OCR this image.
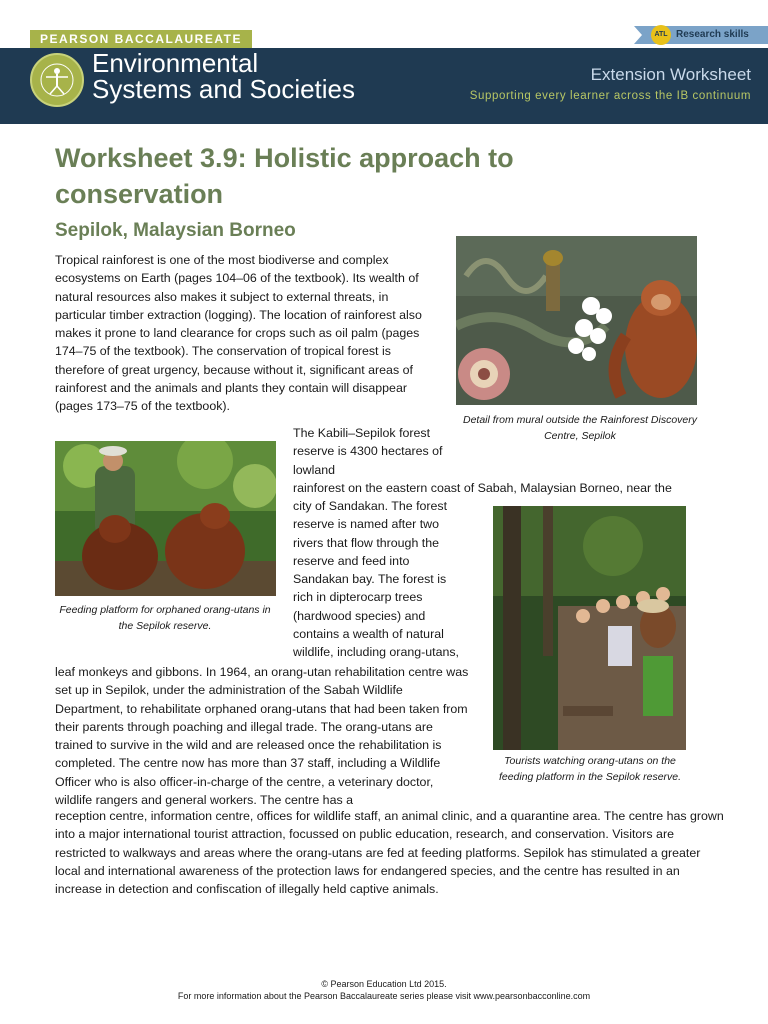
PEARSON BACCALAUREATE
Environmental
Systems and Societies
ATL Research skills
Extension Worksheet
Supporting every learner across the IB continuum
Worksheet 3.9: Holistic approach to conservation
Sepilok, Malaysian Borneo

Tropical rainforest is one of the most biodiverse and complex ecosystems on Earth (pages 104–06 of the textbook). Its wealth of natural resources also makes it subject to external threats, in particular timber extraction (logging). The location of rainforest also makes it prone to land clearance for crops such as oil palm (pages 174–75 of the textbook). The conservation of tropical forest is therefore of great urgency, because without it, significant areas of rainforest and the animals and plants they contain will disappear (pages 173–75 of the textbook).

Detail from mural outside the Rainforest Discovery Centre, Sepilok

Feeding platform for orphaned orang-utans in the Sepilok reserve.

Tourists watching orang-utans on the feeding platform in the Sepilok reserve.

The Kabili–Sepilok forest reserve is 4300 hectares of lowland

rainforest on the eastern coast of Sabah, Malaysian Borneo, near the

city of Sandakan. The forest reserve is named after two rivers that flow through the reserve and feed into Sandakan bay. The forest is rich in dipterocarp trees (hardwood species) and contains a wealth of natural wildlife, including orang-utans,

leaf monkeys and gibbons. In 1964, an orang-utan rehabilitation centre was set up in Sepilok, under the administration of the Sabah Wildlife Department, to rehabilitate orphaned orang-utans that had been taken from their parents through poaching and illegal trade. The orang-utans are trained to survive in the wild and are released once the rehabilitation is completed. The centre now has more than 37 staff, including a Wildlife Officer who is also officer-in-charge of the centre, a veterinary doctor, wildlife rangers and general workers. The centre has a

reception centre, information centre, offices for wildlife staff, an animal clinic, and a quarantine area. The centre has grown into a major international tourist attraction, focussed on public education, research, and conservation. Visitors are restricted to walkways and areas where the orang-utans are fed at feeding platforms. Sepilok has stimulated a greater local and international awareness of the protection laws for endangered species, and the centre has resulted in an increase in detection and confiscation of illegally held captive animals.

© Pearson Education Ltd 2015.
For more information about the Pearson Baccalaureate series please visit www.pearsonbacconline.com
